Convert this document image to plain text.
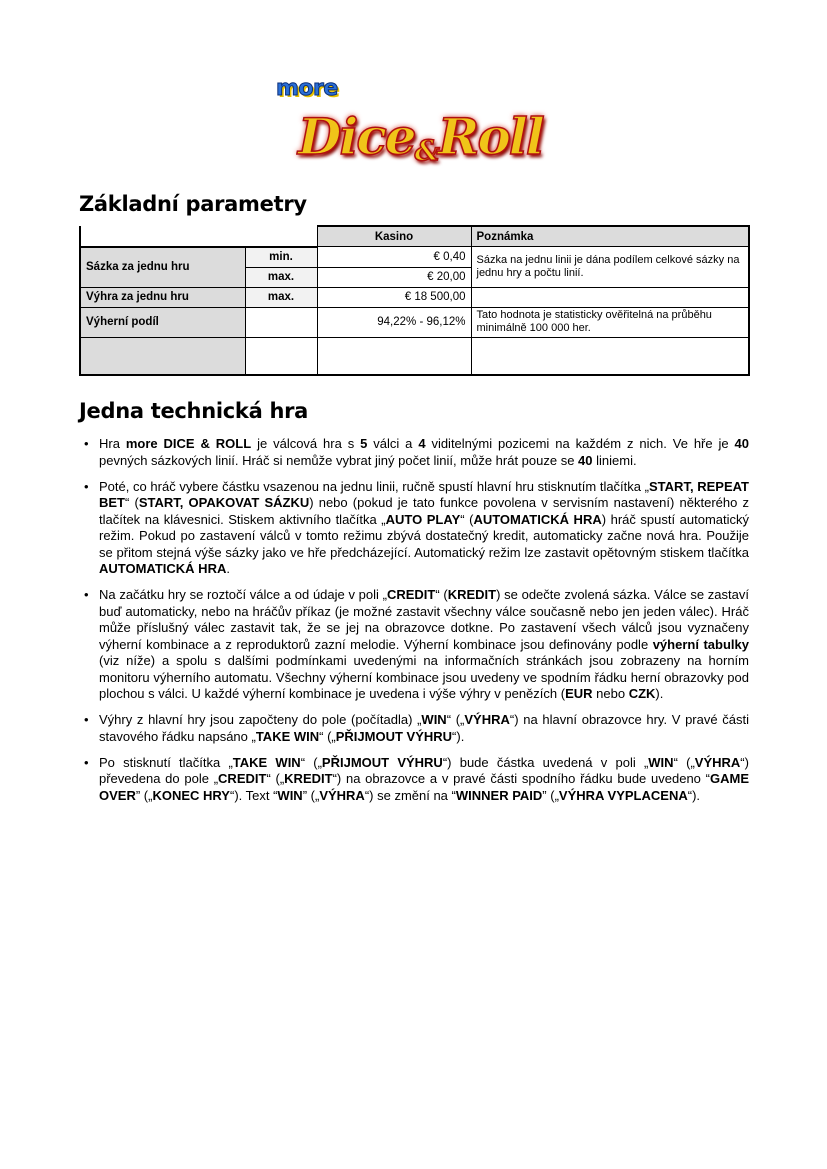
more
Dice&Roll
Základní parametry
		Kasino	Poznámka
Sázka za jednu hru	min.	€ 0,40	Sázka na jednu linii je dána podílem celkové sázky na jednu hry a počtu linií.
	max.	€ 20,00	
Výhra za jednu hru	max.	€ 18 500,00	
Výherní podíl		94,22% - 96,12%	Tato hodnota je statisticky ověřitelná na průběhu minimálně 100 000 her.

Jedna technická hra
• Hra more DICE & ROLL je válcová hra s 5 válci a 4 viditelnými pozicemi na každém z nich. Ve hře je 40 pevných sázkových linií. Hráč si nemůže vybrat jiný počet linií, může hrát pouze se 40 liniemi.
• Poté, co hráč vybere částku vsazenou na jednu linii, ručně spustí hlavní hru stisknutím tlačítka „START, REPEAT BET“ (START, OPAKOVAT SÁZKU) nebo (pokud je tato funkce povolena v servisním nastavení) některého z tlačítek na klávesnici. Stiskem aktivního tlačítka „AUTO PLAY“ (AUTOMATICKÁ HRA) hráč spustí automatický režim. Pokud po zastavení válců v tomto režimu zbývá dostatečný kredit, automaticky začne nová hra. Použije se přitom stejná výše sázky jako ve hře předcházející. Automatický režim lze zastavit opětovným stiskem tlačítka AUTOMATICKÁ HRA.
• Na začátku hry se roztočí válce a od údaje v poli „CREDIT“ (KREDIT) se odečte zvolená sázka. Válce se zastaví buď automaticky, nebo na hráčův příkaz (je možné zastavit všechny válce současně nebo jen jeden válec). Hráč může příslušný válec zastavit tak, že se jej na obrazovce dotkne. Po zastavení všech válců jsou vyznačeny výherní kombinace a z reproduktorů zazní melodie. Výherní kombinace jsou definovány podle výherní tabulky (viz níže) a spolu s dalšími podmínkami uvedenými na informačních stránkách jsou zobrazeny na horním monitoru výherního automatu. Všechny výherní kombinace jsou uvedeny ve spodním řádku herní obrazovky pod plochou s válci. U každé výherní kombinace je uvedena i výše výhry v penězích (EUR nebo CZK).
• Výhry z hlavní hry jsou započteny do pole (počítadla) „WIN“ („VÝHRA“) na hlavní obrazovce hry. V pravé části stavového řádku napsáno „TAKE WIN“ („PŘIJMOUT VÝHRU“).
• Po stisknutí tlačítka „TAKE WIN“ („PŘIJMOUT VÝHRU“) bude částka uvedená v poli „WIN“ („VÝHRA“) převedena do pole „CREDIT“ („KREDIT“) na obrazovce a v pravé části spodního řádku bude uvedeno “GAME OVER” („KONEC HRY“). Text “WIN” („VÝHRA“) se změní na “WINNER PAID” („VÝHRA VYPLACENA“).
